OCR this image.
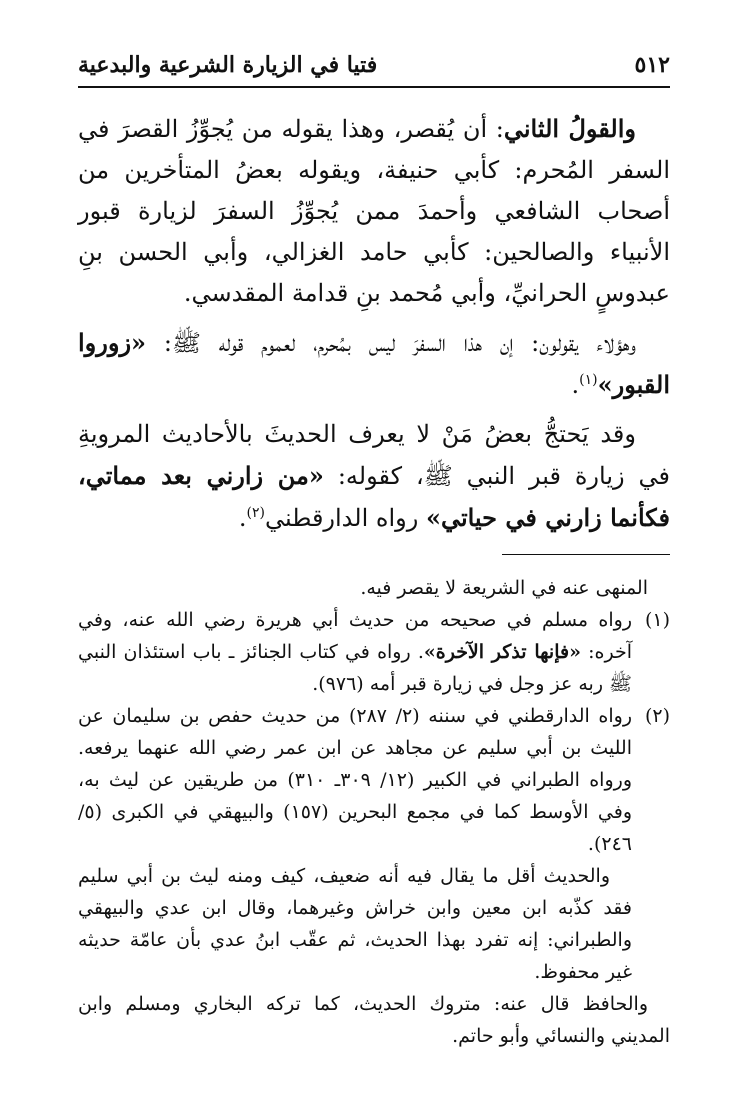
٥١٢
فتيا في الزيارة الشرعية والبدعية

والقولُ الثاني: أن يُقصر، وهذا يقوله من يُجوِّزُ القصرَ في السفر المُحرم: كأبي حنيفة، ويقوله بعضُ المتأخرين من أصحاب الشافعي وأحمدَ ممن يُجوِّزُ السفرَ لزيارة قبور الأنبياء والصالحين: كأبي حامد الغزالي، وأبي الحسن بنِ عبدوسٍ الحرانيِّ، وأبي مُحمد بنِ قدامة المقدسي.

وهؤلاء يقولون: إن هذا السفرَ ليس بمُحرم، لعموم قوله ﷺ: «زوروا القبور»$^{(١)}$.

وقد يَحتجُّ بعضُ مَنْ لا يعرف الحديثَ بالأحاديث المرويةِ في زيارة قبر النبي ﷺ، كقوله: «من زارني بعد مماتي، فكأنما زارني في حياتي» رواه الدارقطني$^{(٢)}$.

المنهى عنه في الشريعة لا يقصر فيه.

(١)
رواه مسلم في صحيحه من حديث أبي هريرة رضي الله عنه، وفي آخره: «فإنها تذكر الآخرة». رواه في كتاب الجنائز ـ باب استئذان النبي ﷺ ربه عز وجل في زيارة قبر أمه (٩٧٦).

(٢)
رواه الدارقطني في سننه (٢/ ٢٨٧) من حديث حفص بن سليمان عن الليث بن أبي سليم عن مجاهد عن ابن عمر رضي الله عنهما يرفعه. ورواه الطبراني في الكبير (١٢/ ٣٠٩ـ ٣١٠) من طريقين عن ليث به، وفي الأوسط كما في مجمع البحرين (١٥٧) والبيهقي في الكبرى (٥/ ٢٤٦).

والحديث أقل ما يقال فيه أنه ضعيف، كيف ومنه ليث بن أبي سليم فقد كذّبه ابن معين وابن خراش وغيرهما، وقال ابن عدي والبيهقي والطبراني: إنه تفرد بهذا الحديث، ثم عقّب ابنُ عدي بأن عامّة حديثه غير محفوظ.

والحافظ قال عنه: متروك الحديث، كما تركه البخاري ومسلم وابن المديني والنسائي وأبو حاتم.
